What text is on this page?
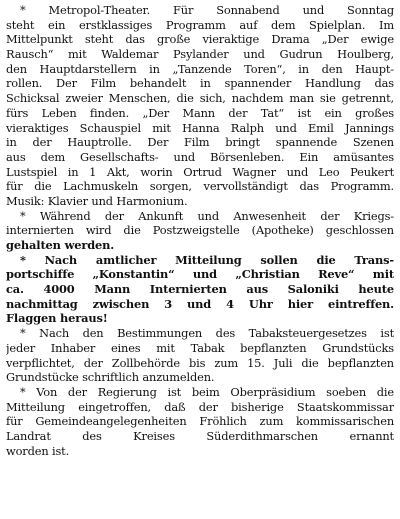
* Metropol-Theater. Für Sonnabend und Sonntag
steht ein erstklassiges Programm auf dem Spielplan. Im
Mittelpunkt steht das große vieraktige Drama „Der ewige
Rausch“ mit Waldemar Psylander und Gudrun Houlberg,
den Hauptdarstellern in „Tanzende Toren“, in den Haupt-
rollen. Der Film behandelt in spannender Handlung das
Schicksal zweier Menschen, die sich, nachdem man sie getrennt,
fürs Leben finden. „Der Mann der Tat“ ist ein großes
vieraktiges Schauspiel mit Hanna Ralph und Emil Jannings
in der Hauptrolle. Der Film bringt spannende Szenen
aus dem Gesellschafts- und Börsenleben. Ein amüsantes
Lustspiel in 1 Akt, worin Ortrud Wagner und Leo Peukert
für die Lachmuskeln sorgen, vervollständigt das Programm.
Musik: Klavier und Harmonium.
* Während der Ankunft und Anwesenheit der Kriegs-
internierten wird die Postzweigstelle (Apotheke) geschlossen
gehalten werden.
* Nach amtlicher Mitteilung sollen die Trans-
portschiffe „Konstantin“ und „Christian Reve“ mit
ca. 4000 Mann Internierten aus Saloniki heute
nachmittag zwischen 3 und 4 Uhr hier eintreffen.
Flaggen heraus!
* Nach den Bestimmungen des Tabaksteuergesetzes ist
jeder Inhaber eines mit Tabak bepflanzten Grundstücks
verpflichtet, der Zollbehörde bis zum 15. Juli die bepflanzten
Grundstücke schriftlich anzumelden.
* Von der Regierung ist beim Oberpräsidium soeben die
Mitteilung eingetroffen, daß der bisherige Staatskommissar
für Gemeindeangelegenheiten Fröhlich zum kommissarischen
Landrat des Kreises Süderdithmarschen ernannt
worden ist.
